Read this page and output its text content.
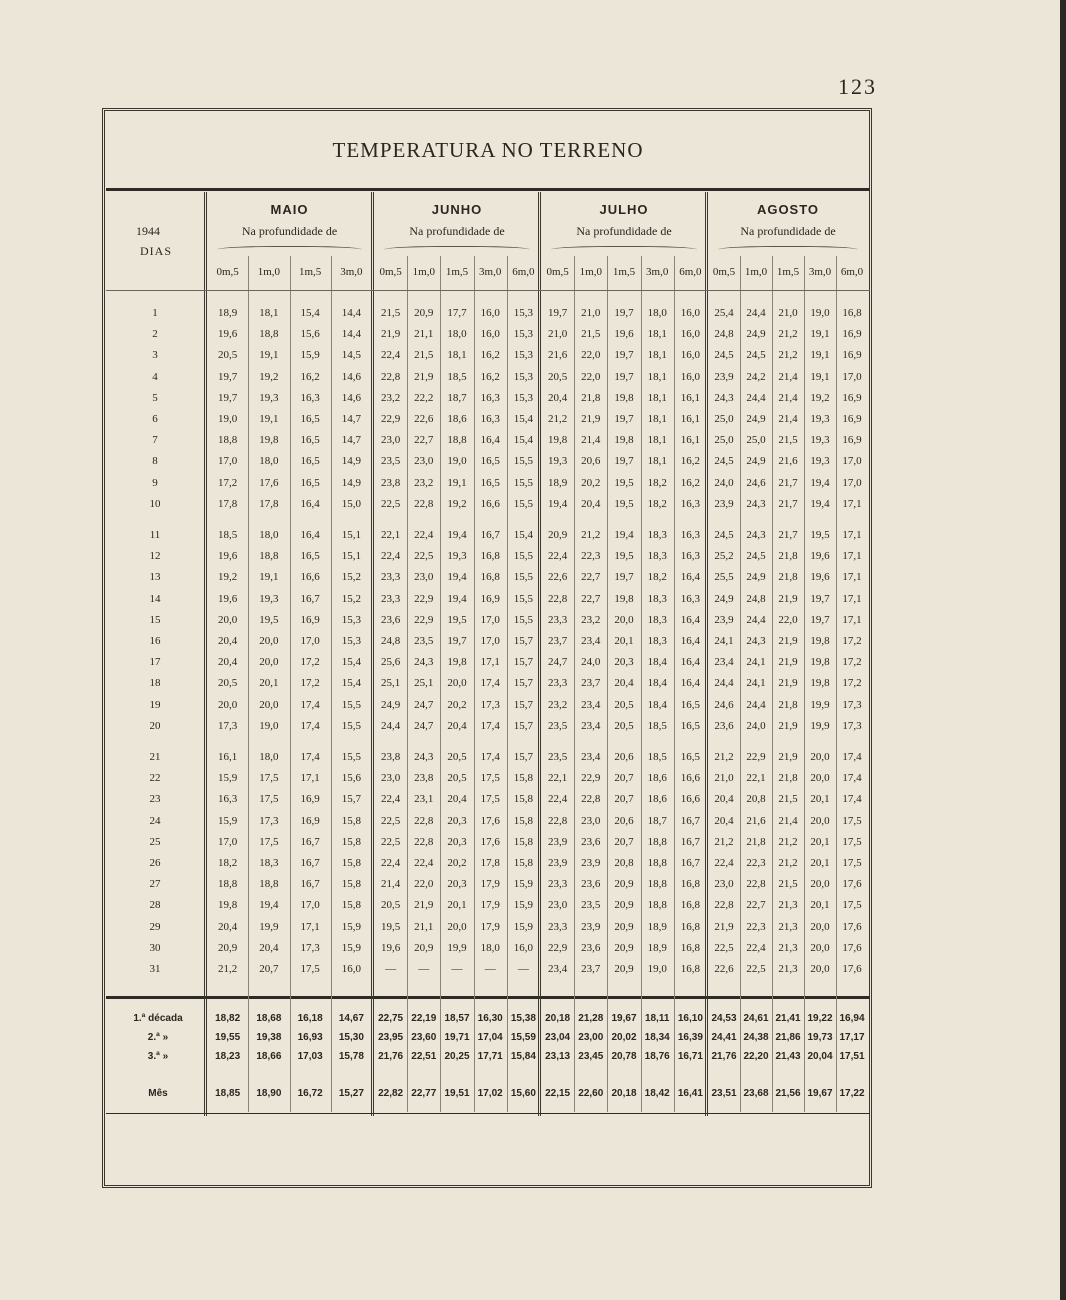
123
TEMPERATURA NO TERRENO
1944
DIAS
MAIO
Na profundidade de
JUNHO
Na profundidade de
JULHO
Na profundidade de
AGOSTO
Na profundidade de
0m,5	1m,0	1m,5	3m,0	0m,5 1m,0 1m,5 3m,0 6m,0	0m,5 1m,0 1m,5 3m,0 6m,0	0m,5 1m,0 1m,5 3m,0 6m,0
1	18,9	18,1	15,4	14,4	21,5	20,9	17,7	16,0	15,3	19,7	21,0	19,7	18,0	16,0	25,4	24,4	21,0	19,0	16,8
2	19,6	18,8	15,6	14,4	21,9	21,1	18,0	16,0	15,3	21,0	21,5	19,6	18,1	16,0	24,8	24,9	21,2	19,1	16,9
3	20,5	19,1	15,9	14,5	22,4	21,5	18,1	16,2	15,3	21,6	22,0	19,7	18,1	16,0	24,5	24,5	21,2	19,1	16,9
4	19,7	19,2	16,2	14,6	22,8	21,9	18,5	16,2	15,3	20,5	22,0	19,7	18,1	16,0	23,9	24,2	21,4	19,1	17,0
5	19,7	19,3	16,3	14,6	23,2	22,2	18,7	16,3	15,3	20,4	21,8	19,8	18,1	16,1	24,3	24,4	21,4	19,2	16,9
6	19,0	19,1	16,5	14,7	22,9	22,6	18,6	16,3	15,4	21,2	21,9	19,7	18,1	16,1	25,0	24,9	21,4	19,3	16,9
7	18,8	19,8	16,5	14,7	23,0	22,7	18,8	16,4	15,4	19,8	21,4	19,8	18,1	16,1	25,0	25,0	21,5	19,3	16,9
8	17,0	18,0	16,5	14,9	23,5	23,0	19,0	16,5	15,5	19,3	20,6	19,7	18,1	16,2	24,5	24,9	21,6	19,3	17,0
9	17,2	17,6	16,5	14,9	23,8	23,2	19,1	16,5	15,5	18,9	20,2	19,5	18,2	16,2	24,0	24,6	21,7	19,4	17,0
10	17,8	17,8	16,4	15,0	22,5	22,8	19,2	16,6	15,5	19,4	20,4	19,5	18,2	16,3	23,9	24,3	21,7	19,4	17,1
11	18,5	18,0	16,4	15,1	22,1	22,4	19,4	16,7	15,4	20,9	21,2	19,4	18,3	16,3	24,5	24,3	21,7	19,5	17,1
12	19,6	18,8	16,5	15,1	22,4	22,5	19,3	16,8	15,5	22,4	22,3	19,5	18,3	16,3	25,2	24,5	21,8	19,6	17,1
13	19,2	19,1	16,6	15,2	23,3	23,0	19,4	16,8	15,5	22,6	22,7	19,7	18,2	16,4	25,5	24,9	21,8	19,6	17,1
14	19,6	19,3	16,7	15,2	23,3	22,9	19,4	16,9	15,5	22,8	22,7	19,8	18,3	16,3	24,9	24,8	21,9	19,7	17,1
15	20,0	19,5	16,9	15,3	23,6	22,9	19,5	17,0	15,5	23,3	23,2	20,0	18,3	16,4	23,9	24,4	22,0	19,7	17,1
16	20,4	20,0	17,0	15,3	24,8	23,5	19,7	17,0	15,7	23,7	23,4	20,1	18,3	16,4	24,1	24,3	21,9	19,8	17,2
17	20,4	20,0	17,2	15,4	25,6	24,3	19,8	17,1	15,7	24,7	24,0	20,3	18,4	16,4	23,4	24,1	21,9	19,8	17,2
18	20,5	20,1	17,2	15,4	25,1	25,1	20,0	17,4	15,7	23,3	23,7	20,4	18,4	16,4	24,4	24,1	21,9	19,8	17,2
19	20,0	20,0	17,4	15,5	24,9	24,7	20,2	17,3	15,7	23,2	23,4	20,5	18,4	16,5	24,6	24,4	21,8	19,9	17,3
20	17,3	19,0	17,4	15,5	24,4	24,7	20,4	17,4	15,7	23,5	23,4	20,5	18,5	16,5	23,6	24,0	21,9	19,9	17,3
21	16,1	18,0	17,4	15,5	23,8	24,3	20,5	17,4	15,7	23,5	23,4	20,6	18,5	16,5	21,2	22,9	21,9	20,0	17,4
22	15,9	17,5	17,1	15,6	23,0	23,8	20,5	17,5	15,8	22,1	22,9	20,7	18,6	16,6	21,0	22,1	21,8	20,0	17,4
23	16,3	17,5	16,9	15,7	22,4	23,1	20,4	17,5	15,8	22,4	22,8	20,7	18,6	16,6	20,4	20,8	21,5	20,1	17,4
24	15,9	17,3	16,9	15,8	22,5	22,8	20,3	17,6	15,8	22,8	23,0	20,6	18,7	16,7	20,4	21,6	21,4	20,0	17,5
25	17,0	17,5	16,7	15,8	22,5	22,8	20,3	17,6	15,8	23,9	23,6	20,7	18,8	16,7	21,2	21,8	21,2	20,1	17,5
26	18,2	18,3	16,7	15,8	22,4	22,4	20,2	17,8	15,8	23,9	23,9	20,8	18,8	16,7	22,4	22,3	21,2	20,1	17,5
27	18,8	18,8	16,7	15,8	21,4	22,0	20,3	17,9	15,9	23,3	23,6	20,9	18,8	16,8	23,0	22,8	21,5	20,0	17,6
28	19,8	19,4	17,0	15,8	20,5	21,9	20,1	17,9	15,9	23,0	23,5	20,9	18,8	16,8	22,8	22,7	21,3	20,1	17,5
29	20,4	19,9	17,1	15,9	19,5	21,1	20,0	17,9	15,9	23,3	23,9	20,9	18,9	16,8	21,9	22,3	21,3	20,0	17,6
30	20,9	20,4	17,3	15,9	19,6	20,9	19,9	18,0	16,0	22,9	23,6	20,9	18,9	16,8	22,5	22,4	21,3	20,0	17,6
31	21,2	20,7	17,5	16,0	—	—	—	—	—	23,4	23,7	20,9	19,0	16,8	22,6	22,5	21,3	20,0	17,6
1.ª década	18,82	18,68	16,18	14,67	22,75 22,19 18,57 16,30 15,38 20,18 21,28 19,67 18,11 16,10 24,53 24,61 21,41 19,22 16,94
2.ª »	19,55	19,38	16,93	15,30	23,95 23,60 19,71 17,04 15,59 23,04 23,00 20,02 18,34 16,39 24,41 24,38 21,86 19,73 17,17
3.ª »	18,23	18,66	17,03	15,78	21,76 22,51 20,25 17,71 15,84 23,13 23,45 20,78 18,76 16,71 21,76 22,20 21,43 20,04 17,51
Mês	18,85	18,90	16,72	15,27	22,82 22,77 19,51 17,02 15,60 22,15 22,60 20,18 18,42 16,41 23,51 23,68 21,56 19,67 17,22
